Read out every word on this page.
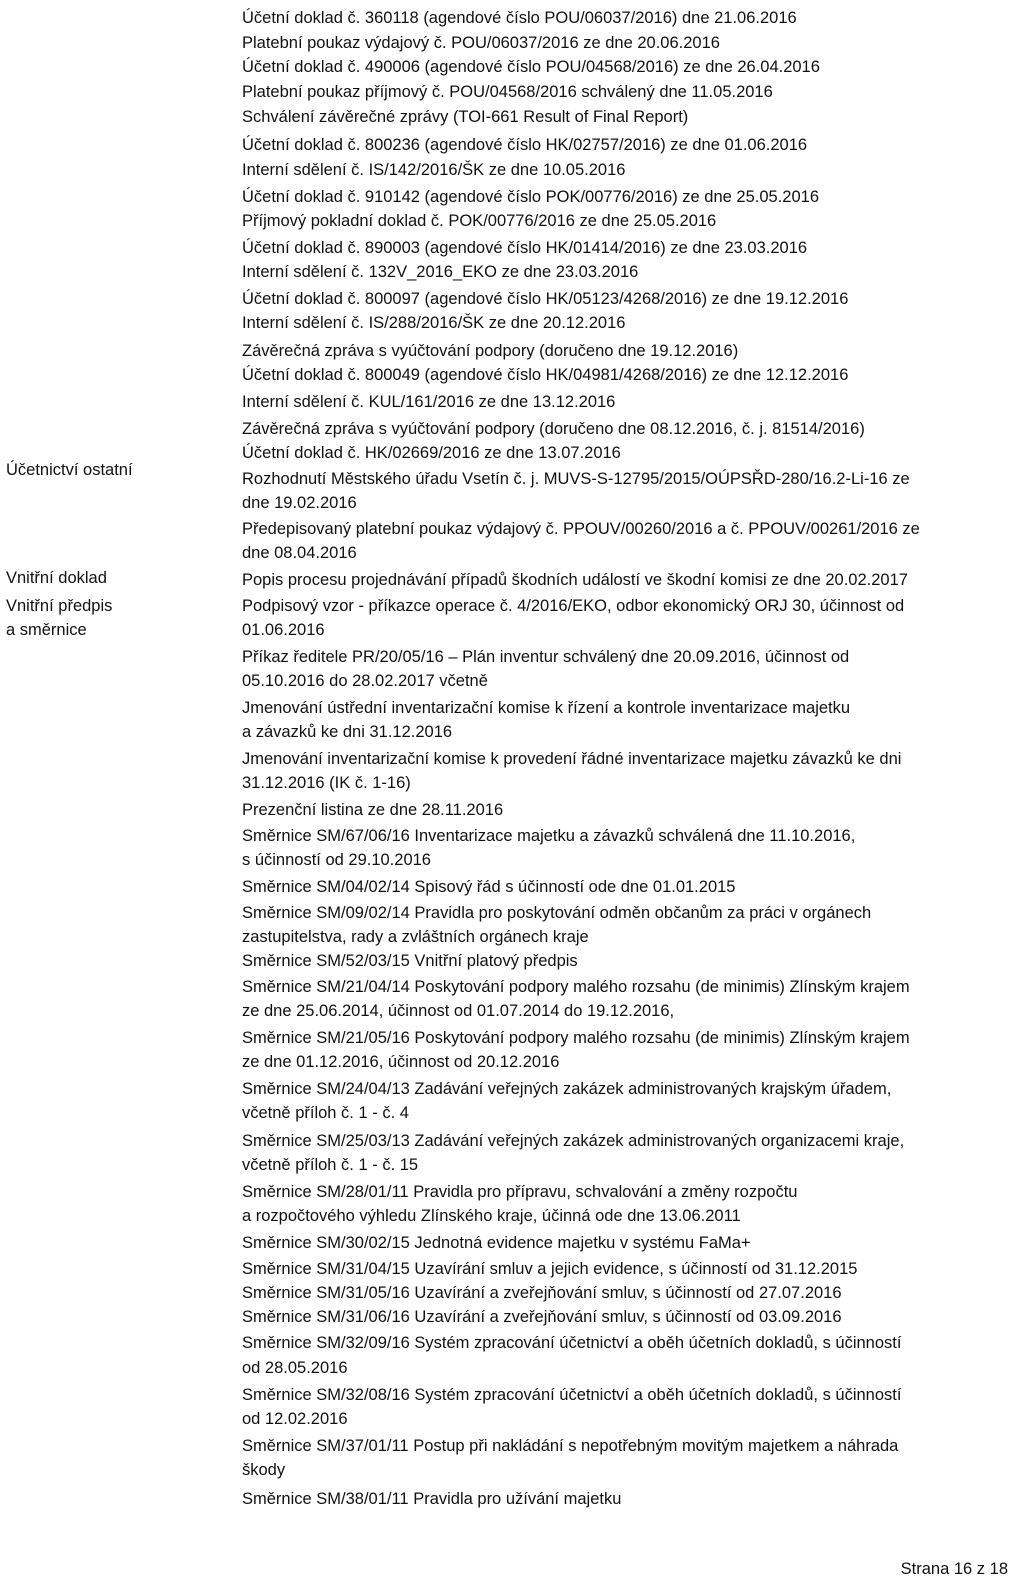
Účetnictví ostatní
Vnitřní doklad
Vnitřní předpis
a směrnice
Účetní doklad č. 360118 (agendové číslo POU/06037/2016) dne 21.06.2016
Platební poukaz výdajový č. POU/06037/2016 ze dne 20.06.2016
Účetní doklad č. 490006 (agendové číslo POU/04568/2016) ze dne 26.04.2016
Platební poukaz příjmový č. POU/04568/2016 schválený dne 11.05.2016
Schválení závěrečné zprávy (TOI-661 Result of Final Report)
Účetní doklad č. 800236 (agendové číslo HK/02757/2016) ze dne 01.06.2016
Interní sdělení č. IS/142/2016/ŠK ze dne 10.05.2016
Účetní doklad č. 910142 (agendové číslo POK/00776/2016) ze dne 25.05.2016
Příjmový pokladní doklad č. POK/00776/2016 ze dne 25.05.2016
Účetní doklad č. 890003 (agendové číslo HK/01414/2016) ze dne 23.03.2016
Interní sdělení č. 132V_2016_EKO ze dne 23.03.2016
Účetní doklad č. 800097 (agendové číslo HK/05123/4268/2016) ze dne 19.12.2016
Interní sdělení č. IS/288/2016/ŠK ze dne 20.12.2016
Závěrečná zpráva s vyúčtování podpory (doručeno dne 19.12.2016)
Účetní doklad č. 800049 (agendové číslo HK/04981/4268/2016) ze dne 12.12.2016
Interní sdělení č. KUL/161/2016 ze dne 13.12.2016
Závěrečná zpráva s vyúčtování podpory (doručeno dne 08.12.2016, č. j. 81514/2016)
Účetní doklad č. HK/02669/2016 ze dne 13.07.2016
Rozhodnutí Městského úřadu Vsetín č. j. MUVS-S-12795/2015/OÚPSŘD-280/16.2-Li-16 ze
dne 19.02.2016
Předepisovaný platební poukaz výdajový č. PPOUV/00260/2016 a č. PPOUV/00261/2016 ze
dne 08.04.2016
Popis procesu projednávání případů škodních událostí ve škodní komisi ze dne 20.02.2017
Podpisový vzor - příkazce operace č. 4/2016/EKO, odbor ekonomický ORJ 30, účinnost od
01.06.2016
Příkaz ředitele PR/20/05/16 – Plán inventur schválený dne 20.09.2016, účinnost od
05.10.2016 do 28.02.2017 včetně
Jmenování ústřední inventarizační komise k řízení a kontrole inventarizace majetku
a závazků ke dni 31.12.2016
Jmenování inventarizační komise k provedení řádné inventarizace majetku závazků ke dni
31.12.2016 (IK č. 1-16)
Prezenční listina ze dne 28.11.2016
Směrnice SM/67/06/16 Inventarizace majetku a závazků schválená dne 11.10.2016,
s účinností od 29.10.2016
Směrnice SM/04/02/14 Spisový řád s účinností ode dne 01.01.2015
Směrnice SM/09/02/14 Pravidla pro poskytování odměn občanům za práci v orgánech
zastupitelstva, rady a zvláštních orgánech kraje
Směrnice SM/52/03/15 Vnitřní platový předpis
Směrnice SM/21/04/14 Poskytování podpory malého rozsahu (de minimis) Zlínským krajem
ze dne 25.06.2014, účinnost od 01.07.2014 do 19.12.2016,
Směrnice SM/21/05/16 Poskytování podpory malého rozsahu (de minimis) Zlínským krajem
ze dne 01.12.2016, účinnost od 20.12.2016
Směrnice SM/24/04/13 Zadávání veřejných zakázek administrovaných krajským úřadem,
včetně příloh č. 1 - č. 4
Směrnice SM/25/03/13 Zadávání veřejných zakázek administrovaných organizacemi kraje,
včetně příloh č. 1 - č. 15
Směrnice SM/28/01/11 Pravidla pro přípravu, schvalování a změny rozpočtu
a rozpočtového výhledu Zlínského kraje, účinná ode dne 13.06.2011
Směrnice SM/30/02/15 Jednotná evidence majetku v systému FaMa+
Směrnice SM/31/04/15 Uzavírání smluv a jejich evidence, s účinností od 31.12.2015
Směrnice SM/31/05/16 Uzavírání a zveřejňování smluv, s účinností od 27.07.2016
Směrnice SM/31/06/16 Uzavírání a zveřejňování smluv, s účinností od 03.09.2016
Směrnice SM/32/09/16 Systém zpracování účetnictví a oběh účetních dokladů, s účinností
od 28.05.2016
Směrnice SM/32/08/16 Systém zpracování účetnictví a oběh účetních dokladů, s účinností
od 12.02.2016
Směrnice SM/37/01/11 Postup při nakládání s nepotřebným movitým majetkem a náhrada
škody
Směrnice SM/38/01/11 Pravidla pro užívání majetku
Strana 16 z 18
